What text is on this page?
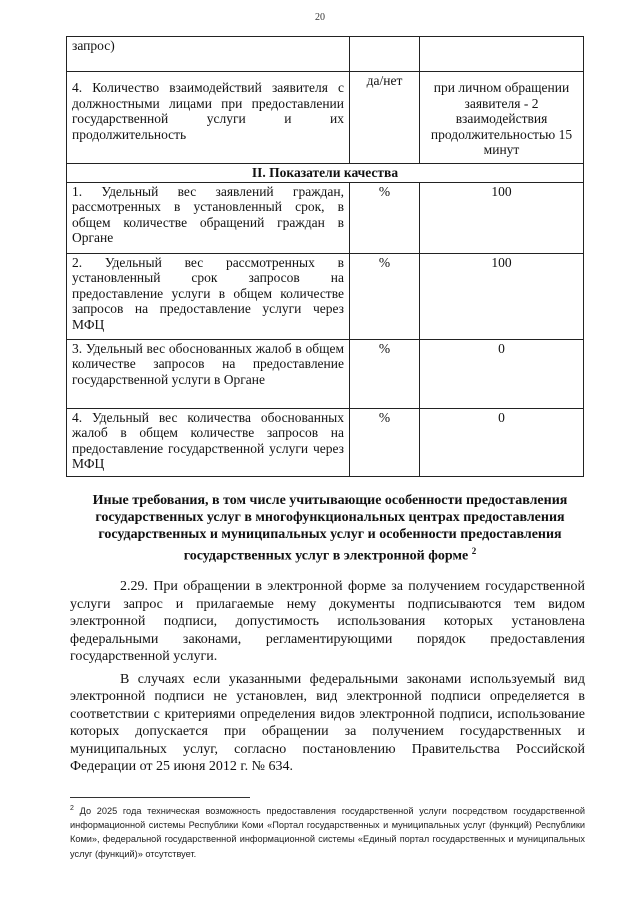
20
запрос)		
4. Количество взаимодействий заявителя с должностными лицами при предоставлении государственной услуги и их продолжительность	да/нет	при личном обращении заявителя - 2 взаимодействия продолжительностью 15 минут
II. Показатели качества		
1. Удельный вес заявлений граждан, рассмотренных в установленный срок, в общем количестве обращений граждан в Органе	%	100
2. Удельный вес рассмотренных в установленный срок запросов на предоставление услуги в общем количестве запросов на предоставление услуги через МФЦ	%	100
3. Удельный вес обоснованных жалоб в общем количестве запросов на предоставление государственной услуги в Органе	%	0
4. Удельный вес количества обоснованных жалоб в общем количестве запросов на предоставление государственной услуги через МФЦ	%	0
Иные требования, в том числе учитывающие особенности предоставления государственных услуг в многофункциональных центрах предоставления государственных и муниципальных услуг и особенности предоставления государственных услуг в электронной форме $^2$

2.29. При обращении в электронной форме за получением государственной услуги запрос и прилагаемые нему документы подписываются тем видом электронной подписи, допустимость использования которых установлена федеральными законами, регламентирующими порядок предоставления государственной услуги.

В случаях если указанными федеральными законами используемый вид электронной подписи не установлен, вид электронной подписи определяется в соответствии с критериями определения видов электронной подписи, использование которых допускается при обращении за получением государственных и муниципальных услуг, согласно постановлению Правительства Российской Федерации от 25 июня 2012 г. № 634.

$^2$ До 2025 года техническая возможность предоставления государственной услуги посредством государственной информационной системы Республики Коми «Портал государственных и муниципальных услуг (функций) Республики Коми», федеральной государственной информационной системы «Единый портал государственных и муниципальных услуг (функций)» отсутствует.
